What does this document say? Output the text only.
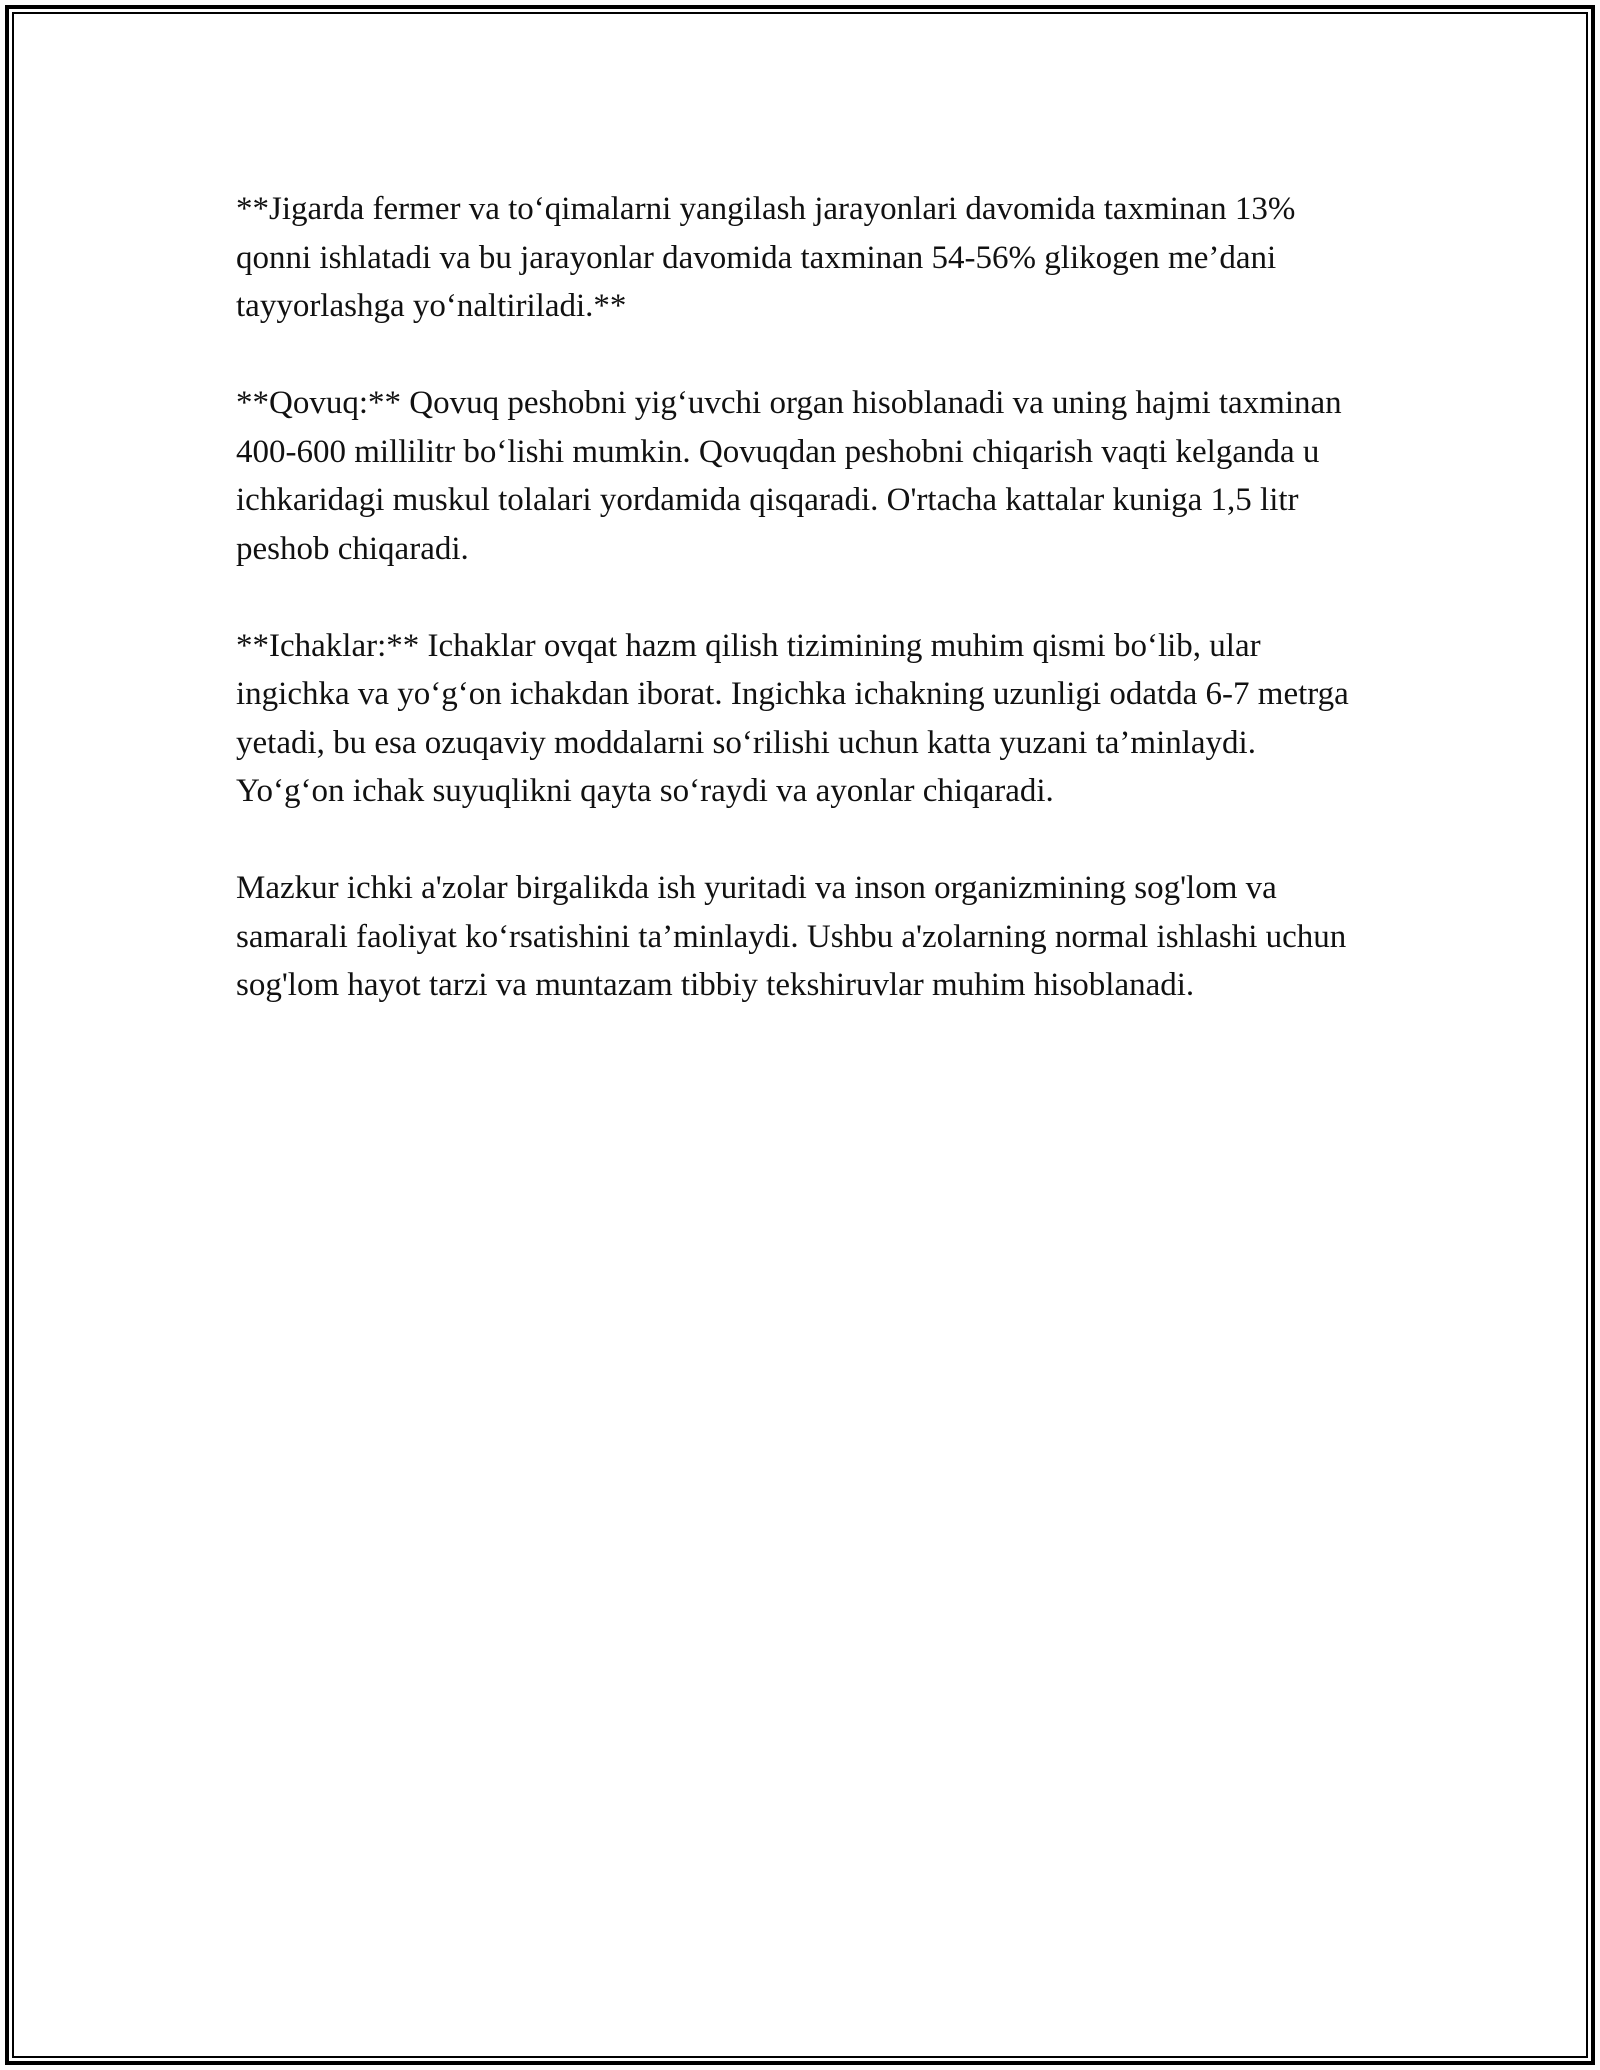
**Jigarda fermer va to‘qimalarni yangilash jarayonlari davomida taxminan 13% qonni ishlatadi va bu jarayonlar davomida taxminan 54-56% glikogen me’dani tayyorlashga yo‘naltiriladi.**

**Qovuq:** Qovuq peshobni yig‘uvchi organ hisoblanadi va uning hajmi taxminan 400-600 millilitr bo‘lishi mumkin. Qovuqdan peshobni chiqarish vaqti kelganda u ichkaridagi muskul tolalari yordamida qisqaradi. O'rtacha kattalar kuniga 1,5 litr peshob chiqaradi.

**Ichaklar:** Ichaklar ovqat hazm qilish tizimining muhim qismi bo‘lib, ular ingichka va yo‘g‘on ichakdan iborat. Ingichka ichakning uzunligi odatda 6-7 metrga yetadi, bu esa ozuqaviy moddalarni so‘rilishi uchun katta yuzani ta’minlaydi. Yo‘g‘on ichak suyuqlikni qayta so‘raydi va ayonlar chiqaradi.

Mazkur ichki a'zolar birgalikda ish yuritadi va inson organizmining sog'lom va samarali faoliyat ko‘rsatishini ta’minlaydi. Ushbu a'zolarning normal ishlashi uchun sog'lom hayot tarzi va muntazam tibbiy tekshiruvlar muhim hisoblanadi.
